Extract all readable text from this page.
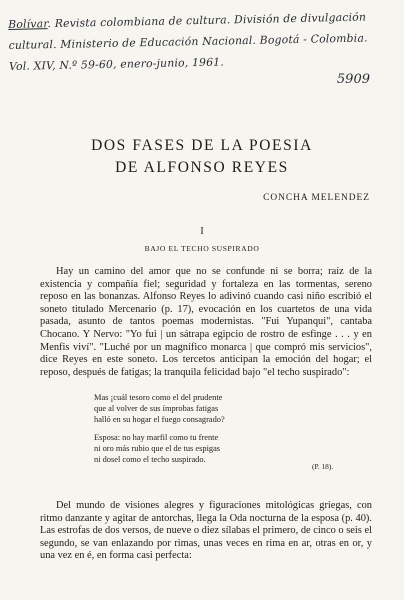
Bolívar. Revista colombiana de cultura. División de divulgación
cultural. Ministerio de Educación Nacional. Bogotá - Colombia.
Vol. XIV, N.º 59-60, enero-junio, 1961.
5909
DOS FASES DE LA POESIA
DE ALFONSO REYES
CONCHA MELENDEZ
I
BAJO EL TECHO SUSPIRADO

Hay un camino del amor que no se confunde ni se borra; raíz de la existencia y compañía fiel; seguridad y fortaleza en las tormentas, sereno reposo en las bonanzas. Alfonso Reyes lo adivinó cuando casi niño escribió el soneto titulado Mercenario (p. 17), evocación en los cuartetos de una vida pasada, asunto de tantos poemas modernistas. "Fui Yupanqui", cantaba Chocano. Y Nervo: "Yo fui | un sátrapa egipcio de rostro de esfinge . . . y en Menfis viví". "Luché por un magnífico monarca | que compró mis servicios", dice Reyes en este soneto. Los tercetos anticipan la emoción del hogar; el reposo, después de fatigas; la tranquila felicidad bajo "el techo suspirado":

Mas ¡cuál tesoro como el del prudente
que al volver de sus ímprobas fatigas
halló en su hogar el fuego consagrado?
Esposa: no hay marfil como tu frente
ni oro más rubio que el de tus espigas
ni dosel como el techo suspirado.
(P. 18).

Del mundo de visiones alegres y figuraciones mitológicas griegas, con ritmo danzante y agitar de antorchas, llega la Oda nocturna de la esposa (p. 40). Las estrofas de dos versos, de nueve o diez sílabas el primero, de cinco o seis el segundo, se van enlazando por rimas, unas veces en rima en ar, otras en or, y una vez en é, en forma casi perfecta:
